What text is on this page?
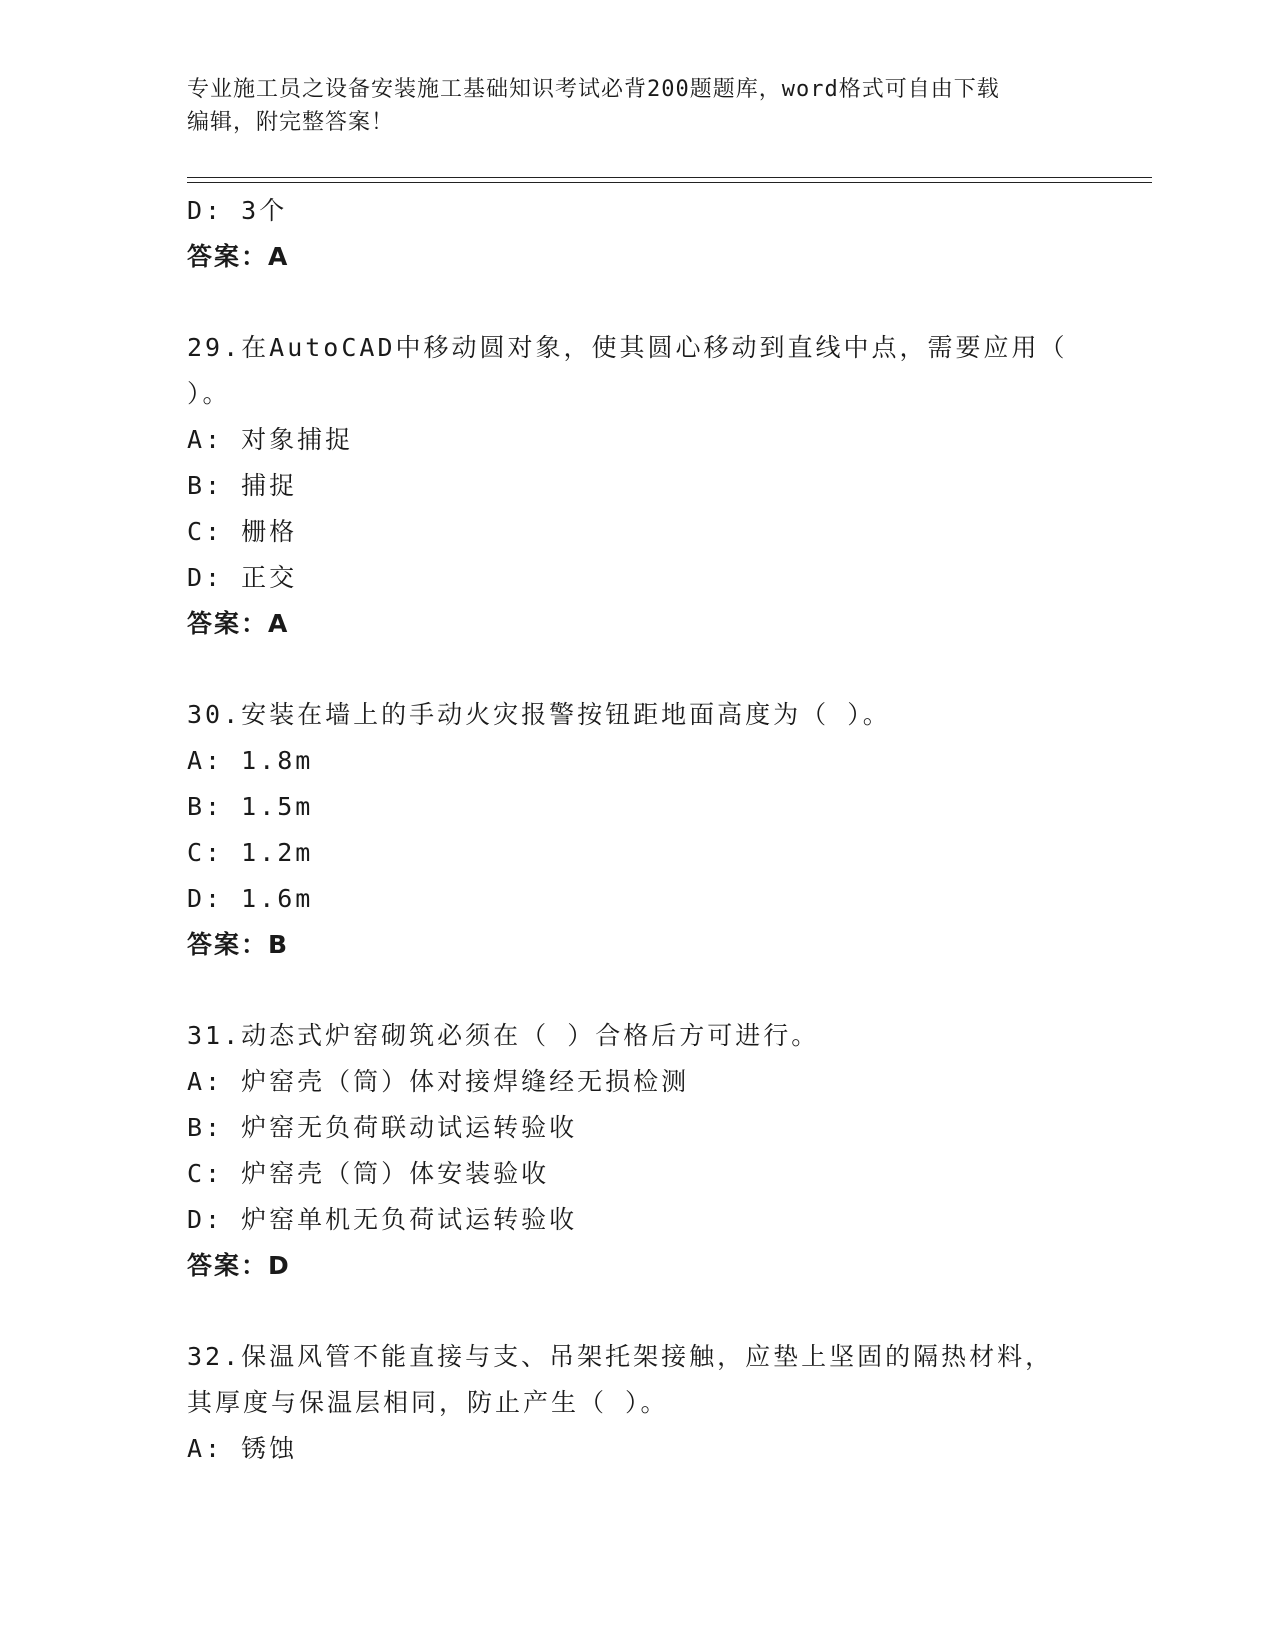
专业施工员之设备安装施工基础知识考试必背200题题库，word格式可自由下载
编辑，附完整答案！
D: 3个
答案：A
29.在AutoCAD中移动圆对象，使其圆心移动到直线中点，需要应用（
）。
A: 对象捕捉
B: 捕捉
C: 栅格
D: 正交
答案：A
30.安装在墙上的手动火灾报警按钮距地面高度为（ ）。
A: 1.8m
B: 1.5m
C: 1.2m
D: 1.6m
答案：B
31.动态式炉窑砌筑必须在（ ）合格后方可进行。
A: 炉窑壳（筒）体对接焊缝经无损检测
B: 炉窑无负荷联动试运转验收
C: 炉窑壳（筒）体安装验收
D: 炉窑单机无负荷试运转验收
答案：D
32.保温风管不能直接与支、吊架托架接触，应垫上坚固的隔热材料，
其厚度与保温层相同，防止产生（ ）。
A: 锈蚀
